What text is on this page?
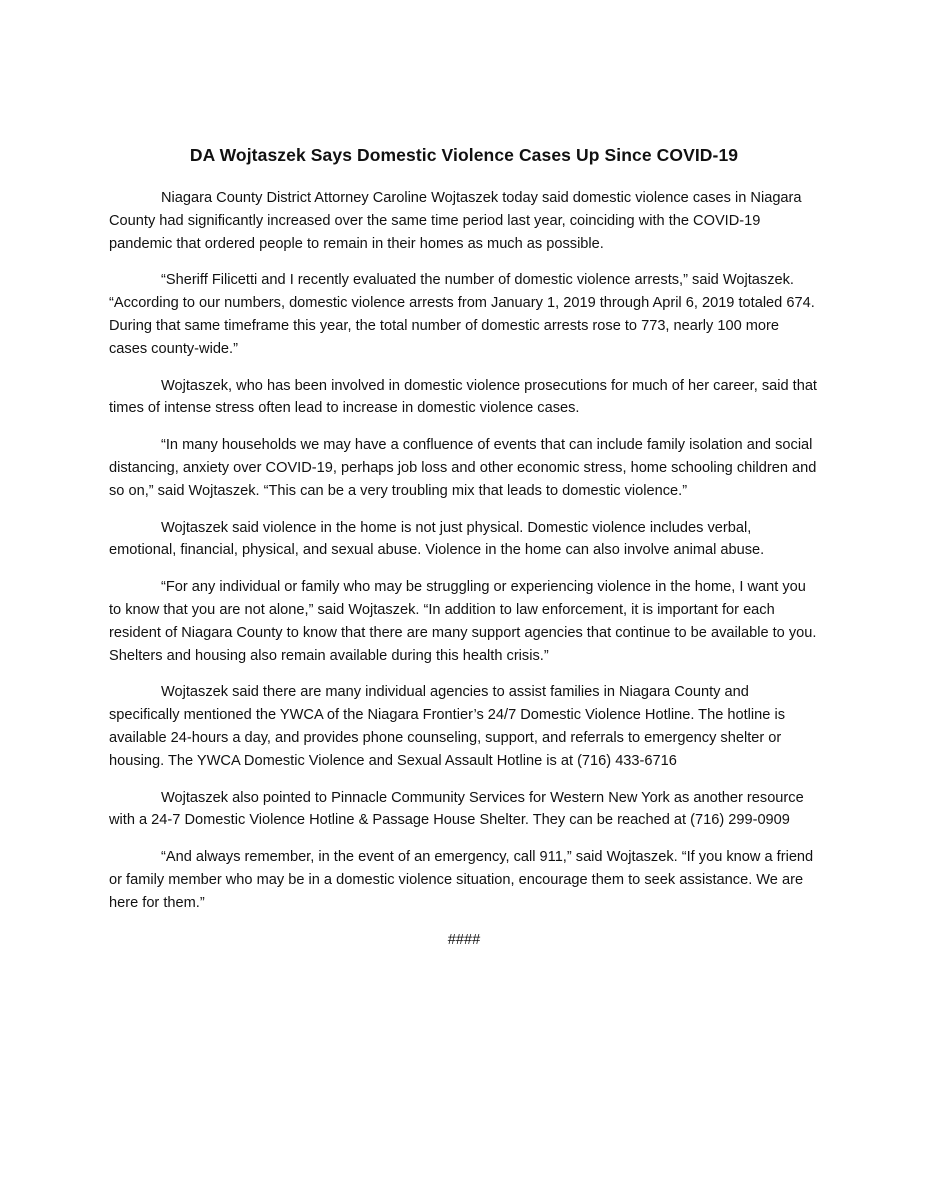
DA Wojtaszek Says Domestic Violence Cases Up Since COVID-19

Niagara County District Attorney Caroline Wojtaszek today said domestic violence cases in Niagara County had significantly increased over the same time period last year, coinciding with the COVID-19 pandemic that ordered people to remain in their homes as much as possible.

“Sheriff Filicetti and I recently evaluated the number of domestic violence arrests,” said Wojtaszek. “According to our numbers, domestic violence arrests from January 1, 2019 through April 6, 2019 totaled 674. During that same timeframe this year, the total number of domestic arrests rose to 773, nearly 100 more cases county-wide.”

Wojtaszek, who has been involved in domestic violence prosecutions for much of her career, said that times of intense stress often lead to increase in domestic violence cases.

“In many households we may have a confluence of events that can include family isolation and social distancing, anxiety over COVID-19, perhaps job loss and other economic stress, home schooling children and so on,” said Wojtaszek. “This can be a very troubling mix that leads to domestic violence.”

Wojtaszek said violence in the home is not just physical. Domestic violence includes verbal, emotional, financial, physical, and sexual abuse. Violence in the home can also involve animal abuse.

“For any individual or family who may be struggling or experiencing violence in the home, I want you to know that you are not alone,” said Wojtaszek. “In addition to law enforcement, it is important for each resident of Niagara County to know that there are many support agencies that continue to be available to you. Shelters and housing also remain available during this health crisis.”

Wojtaszek said there are many individual agencies to assist families in Niagara County and specifically mentioned the YWCA of the Niagara Frontier’s 24/7 Domestic Violence Hotline. The hotline is available 24-hours a day, and provides phone counseling, support, and referrals to emergency shelter or housing. The YWCA Domestic Violence and Sexual Assault Hotline is at (716) 433-6716

Wojtaszek also pointed to Pinnacle Community Services for Western New York as another resource with a 24-7 Domestic Violence Hotline & Passage House Shelter. They can be reached at (716) 299-0909

“And always remember, in the event of an emergency, call 911,” said Wojtaszek. “If you know a friend or family member who may be in a domestic violence situation, encourage them to seek assistance. We are here for them.”

####
